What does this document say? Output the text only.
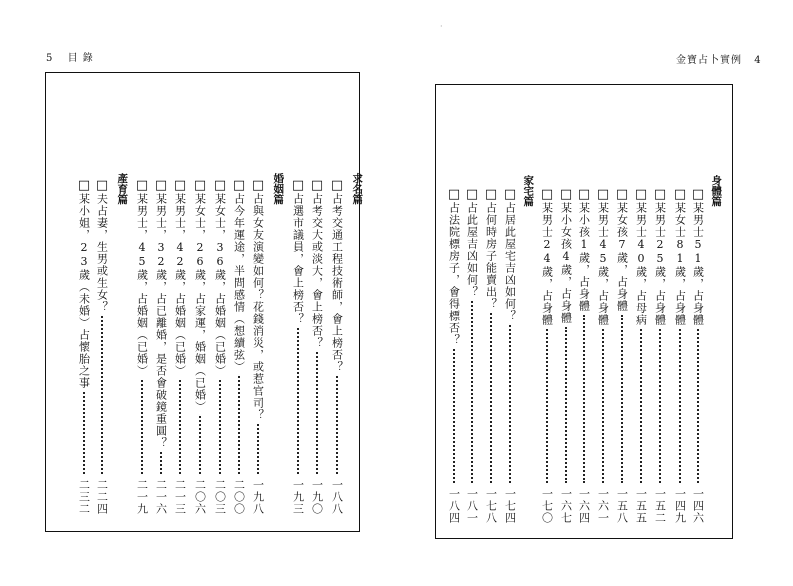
5 目 錄	金寶占卜實例 4
·
求名篇
□
占考交通工程技術師，會上榜否？
一八八
□
占考交大或淡大，會上榜否？
一九〇
□
占選市議員，會上榜否？
一九三
婚姻篇
□
占與女友演變如何？花錢消災，或惹官司？
一九八
□
占今年運途，半問感情（想續弦）
二〇〇
□
某女士，36歲，占婚姻（已婚）
二〇三
□
某女士，26歲，占家運，婚姻（已婚）
二〇六
□
某男士，42歲，占婚姻（已婚）
二一三
□
某男士，32歲，占已離婚，是否會破鏡重圓？
二一六
□
某男士，45歲，占婚姻（已婚）
二一九
產育篇
□
夫占妻，生男或生女？
二二四
□
某小姐，23歲（未婚）占懷胎之事
二三二
身體篇
□
某男士51歲，占身體
一四六
□
某女士81歲，占身體
一四九
□
某男士25歲，占身體
一五二
□
某男士40歲，占母病
一五五
□
某女孩7歲，占身體
一五八
□
某男士45歲，占身體
一六一
□
某小孩1歲，占身體
一六四
□
某小女孩4歲，占身體
一六七
□
某男士24歲，占身體
一七〇
家宅篇
□
占居此屋宅吉凶如何？
一七四
□
占何時房子能賣出？
一七八
□
占此屋吉凶如何？
一八一
□
占法院標房子，會得標否？
一八四
